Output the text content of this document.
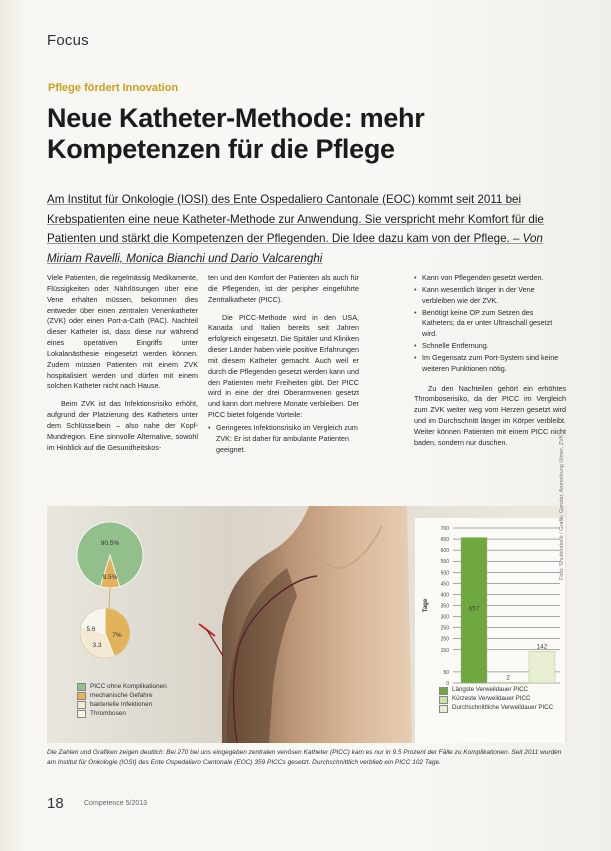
Focus
Pflege fördert Innovation
Neue Katheter-Methode: mehr Kompetenzen für die Pflege
Am Institut für Onkologie (IOSI) des Ente Ospedaliero Cantonale (EOC) kommt seit 2011 bei Krebspatienten eine neue Katheter-Methode zur Anwendung. Sie verspricht mehr Komfort für die Patienten und stärkt die Kompetenzen der Pflegenden. Die Idee dazu kam von der Pflege. – Von Miriam Ravelli, Monica Bianchi und Dario Valcarenghi

Viele Patienten, die regelmässig Medikamente, Flüssigkeiten oder Nährlösungen über eine Vene erhalten müssen, bekommen dies entweder über einen zentralen Venenkatheter (ZVK) oder einen Port-a-Cath (PAC). Nachteil dieser Katheter ist, dass diese nur während eines operativen Eingriffs unter Lokalanästhesie eingesetzt werden können. Zudem müssen Patienten mit einem ZVK hospitalisiert werden und dürfen mit einem solchen Katheter nicht nach Hause.

Beim ZVK ist das Infektionsrisiko erhöht, aufgrund der Platzierung des Katheters unter dem Schlüsselbein – also nahe der Kopf-Mundregion. Eine sinnvolle Alternative, sowohl im Hinblick auf die Gesundheitskos-

ten und den Komfort der Patienten als auch für die Pflegenden, ist der peripher eingeführte Zentralkatheter (PICC).

Die PICC-Methode wird in den USA, Kanada und Italien bereits seit Jahren erfolgreich eingesetzt. Die Spitäler und Kliniken dieser Länder haben viele positive Erfahrungen mit diesem Katheter gemacht. Auch weil er durch die Pflegenden gesetzt werden kann und den Patienten mehr Freiheiten gibt. Der PICC wird in eine der drei Oberarmvenen gesetzt und kann dort mehrere Monate verbleiben. Der PICC bietet folgende Vorteile:

• Geringeres Infektionsrisiko im Vergleich zum ZVK: Er ist daher für ambulante Patienten geeignet.
• Kann von Pflegenden gesetzt werden.
• Kann wesentlich länger in der Vene verbleiben wie der ZVK.
• Benötigt keine OP zum Setzen des Katheters; da er unter Ultraschall gesetzt wird.
• Schnelle Entfernung.
• Im Gegensatz zum Port-System sind keine weiteren Punktionen nötig.

Zu den Nachteilen gehört ein erhöhtes Thromboserisiko, da der PICC im Vergleich zum ZVK weiter weg vom Herzen gesetzt wird und im Durchschnitt länger im Körper verbleibt. Weiter können Patienten mit einem PICC nicht baden, sondern nur duschen.

90.5%
9.5%
7%
5.6
3.3
PICC ohne Komplikationen
mechanische Gefahre
bakterielle Infektionen
Thrombosen
0
50
150
200
250
300
350
400
450
500
550
600
650
700
Tage	657
2
142
Längste Verweildauer PICC
Kürzeste Verweildauer PICC
Durchschnittliche Verweildauer PICC
Foto: Shutterstock / Grafik: Gerster, Anmerkung Ulmer, ZVK
Die Zahlen und Grafiken zeigen deutlich: Bei 270 bei uns eingegeben zentralen venösen Katheter (PICC) kam es nur in 9.5 Prozent der Fälle zu Komplikationen. Seit 2011 wurden am Institut für Onkologie (IOSI) des Ente Ospedaliero Cantonale (EOC) 359 PICCs gesetzt. Durchschnittlich verblieb ein PICC 102 Tage.
18	Competence 5/2013
